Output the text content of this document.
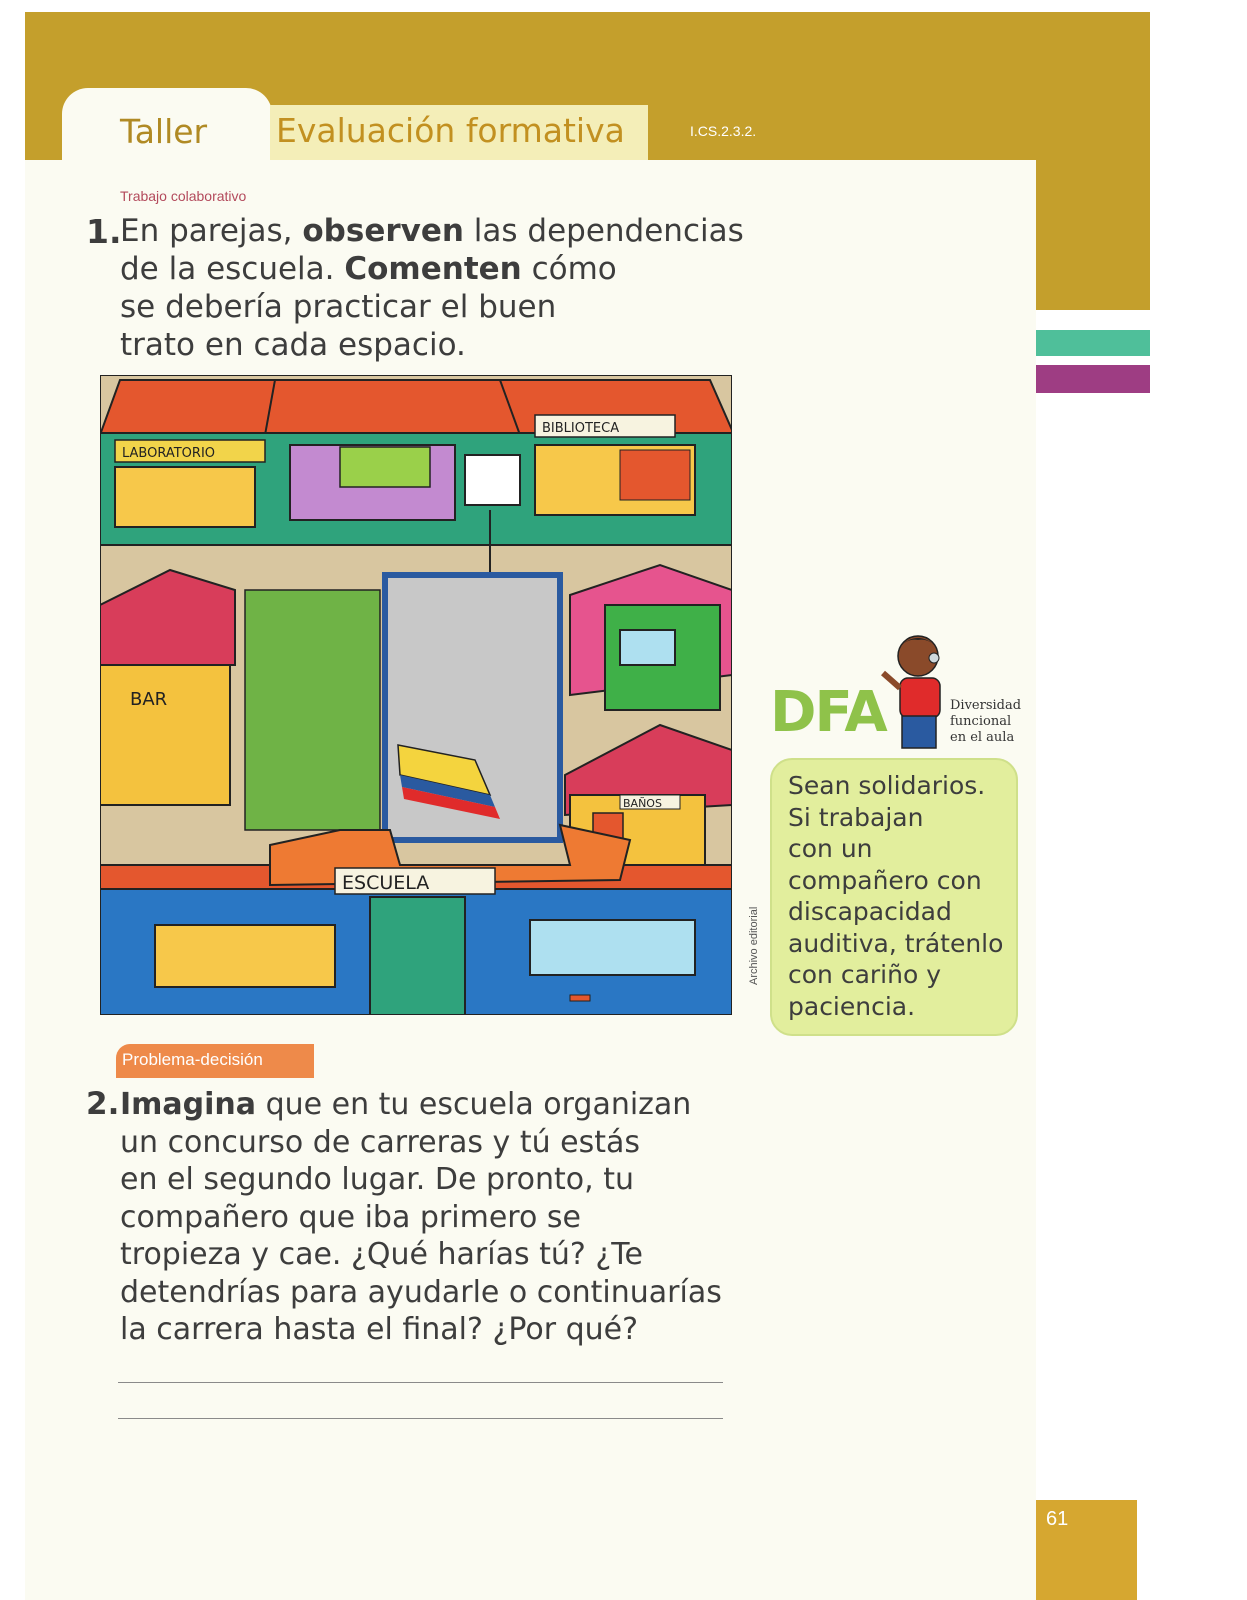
Taller Evaluación formativa	I.CS.2.3.2.
Trabajo colaborativo
1.
En parejas, observen las dependencias
de la escuela. Comenten cómo
se debería practicar el buen
trato en cada espacio.
LABORATORIO
BIBLIOTECA
BAR
BAÑOS
ESCUELA
Archivo editorial
Problema-decisión
2. Imagina que en tu escuela organizan
un concurso de carreras y tú estás
en el segundo lugar. De pronto, tu
compañero que iba primero se
tropieza y cae. ¿Qué harías tú? ¿Te
detendrías para ayudarle o continuarías
la carrera hasta el final? ¿Por qué?
DFA	Diversidad
funcional
en el aula
Sean solidarios.
Si trabajan
con un
compañero con
discapacidad
auditiva, trátenlo
con cariño y
paciencia.
61
